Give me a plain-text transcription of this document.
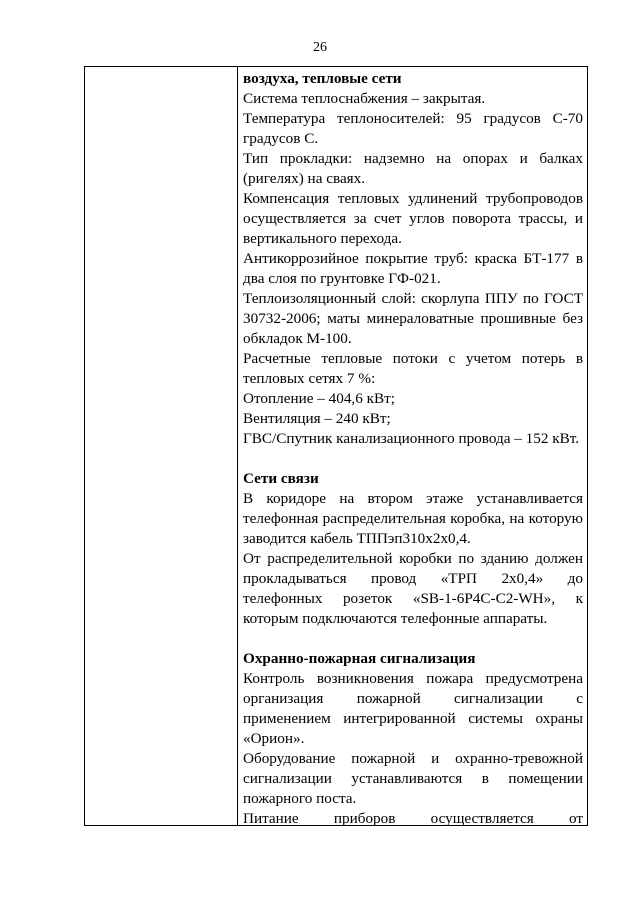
26

воздуха, тепловые сети

Система теплоснабжения – закрытая.

Температура теплоносителей: 95 градусов С-70 градусов С.

Тип прокладки: надземно на опорах и балках (ригелях) на сваях.

Компенсация тепловых удлинений трубопроводов осуществляется за счет углов поворота трассы, и вертикального перехода.

Антикоррозийное покрытие труб: краска БТ-177 в два слоя по грунтовке ГФ-021.

Теплоизоляционный слой: скорлупа ППУ по ГОСТ 30732-2006; маты минераловатные прошивные без обкладок М-100.

Расчетные тепловые потоки с учетом потерь в тепловых сетях 7 %:

Отопление – 404,6 кВт;

Вентиляция – 240 кВт;

ГВС/Спутник канализационного провода – 152 кВт.

Сети связи

В коридоре на втором этаже устанавливается телефонная распределительная коробка, на которую заводится кабель ТППэп310х2х0,4.

От распределительной коробки по зданию должен прокладываться провод «ТРП 2х0,4» до телефонных розеток «SB-1-6Р4С-С2-WH», к которым подключаются телефонные аппараты.

Охранно-пожарная сигнализация

Контроль возникновения пожара предусмотрена организация пожарной сигнализации с применением интегрированной системы охраны «Орион».

Оборудование пожарной и охранно-тревожной сигнализации устанавливаются в помещении пожарного поста.

Питание приборов осуществляется от
